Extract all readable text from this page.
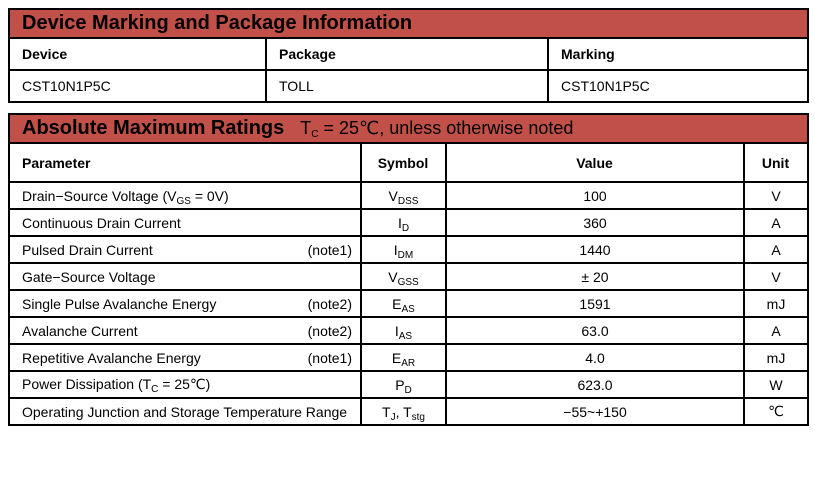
Device Marking and Package Information		
Device	Package	Marking
CST10N1P5C	TOLL	CST10N1P5C
Absolute Maximum Ratings TC = 25℃, unless otherwise noted			
Parameter	Symbol	Value	Unit

Drain−Source Voltage $(V_{GS} = 0V)$	$V_{DSS}$	100	V

Continuous Drain Current	$I_D$	360	A

Pulsed Drain Current (note1)	$I_{DM}$	1440	A

Gate−Source Voltage	$V_{GSS}$	± 20	V

Single Pulse Avalanche Energy (note2)	$E_{AS}$	1591	mJ

Avalanche Current (note2)	$I_{AS}$	63.0	A

Repetitive Avalanche Energy (note1)	$E_{AR}$	4.0	mJ

Power Dissipation ($T_C$ = 25℃)	$P_D$	623.0	W

Operating Junction and Storage Temperature Range	$T_J$, $T_{stg}$	−55~+150	℃
